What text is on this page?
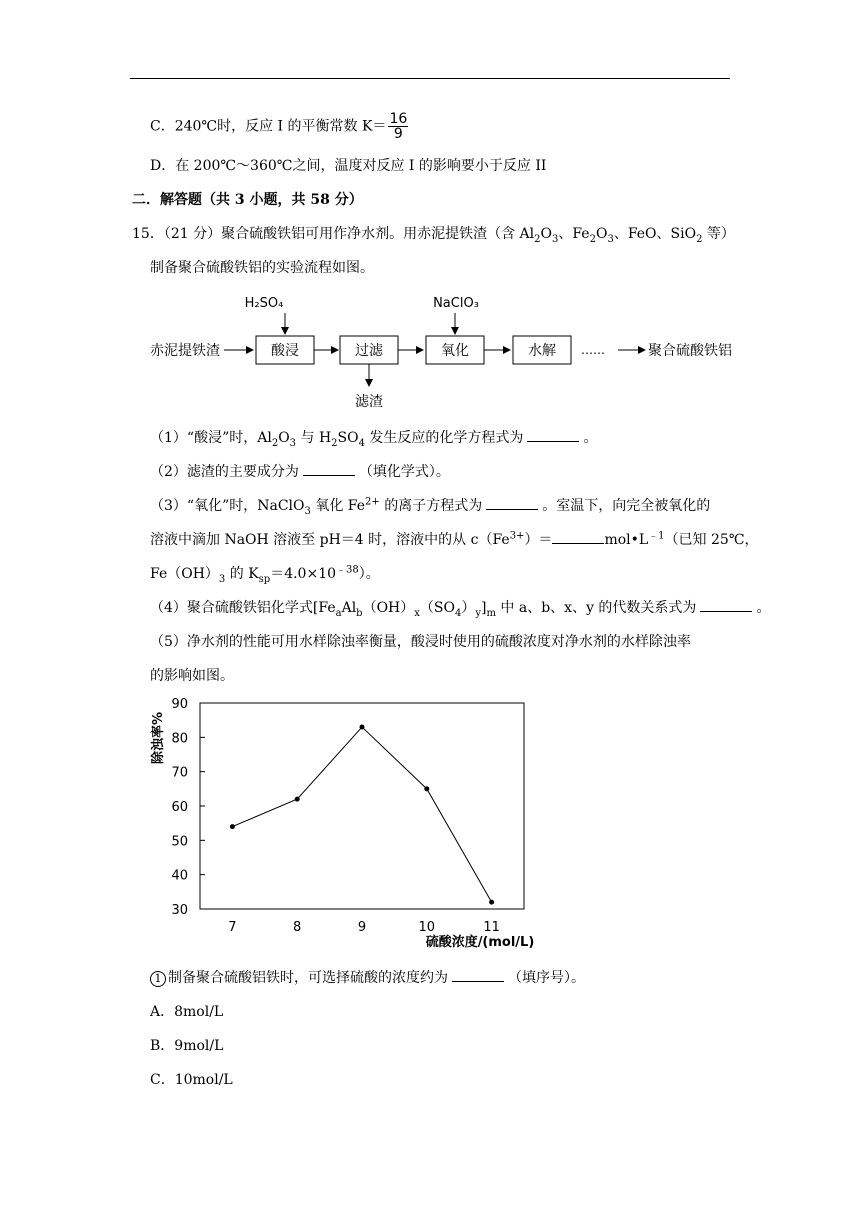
C．240℃时，反应 I 的平衡常数 $K= \frac{16}{9}$
D．在 200℃～360℃之间，温度对反应 I 的影响要小于反应 II
二．解答题（共 3 小题，共 58 分）
15．（21 分）聚合硫酸铁铝可用作净水剂。用赤泥提铁渣（含 $Al_2O_3$、$Fe_2O_3$、FeO、SiO$_2$ 等）
制备聚合硫酸铁铝的实验流程如图。
H₂SO₄	NaClO₃
赤泥提铁渣	酸浸	过滤	氧化	水解 ……	聚合硫酸铁铝
滤渣
（1）“酸浸”时，$Al_2O_3$ 与 $H_2SO_4$ 发生反应的化学方程式为	。
（2）滤渣的主要成分为	（填化学式）。
（3）“氧化”时，NaClO$_3$ 氧化 $Fe^{2+}$ 的离子方程式为	。室温下，向完全被氧化的
溶液中滴加 NaOH 溶液至 pH＝4 时，溶液中的从 $c(Fe^{3+})=$	$mol•L^{﹣1}$（已知 25℃，
$Fe(OH)_3$ 的 $K_{sp}=4.0\times 10^{﹣38}$）。
（4）聚合硫酸铁铝化学式$[Fe_aAl_b(OH)_x(SO_4)_y]_m$ 中 a、b、x、y 的代数关系式为	。
（5）净水剂的性能可用水样除浊率衡量，酸浸时使用的硫酸浓度对净水剂的水样除浊率
的影响如图。
30
40
50
60
70
80
90
7	8	9	10	11
除浊率%
硫酸浓度/(mol/L)
1 制备聚合硫酸铝铁时，可选择硫酸的浓度约为	（填序号）。
A．8mol/L
B．9mol/L
C．10mol/L
